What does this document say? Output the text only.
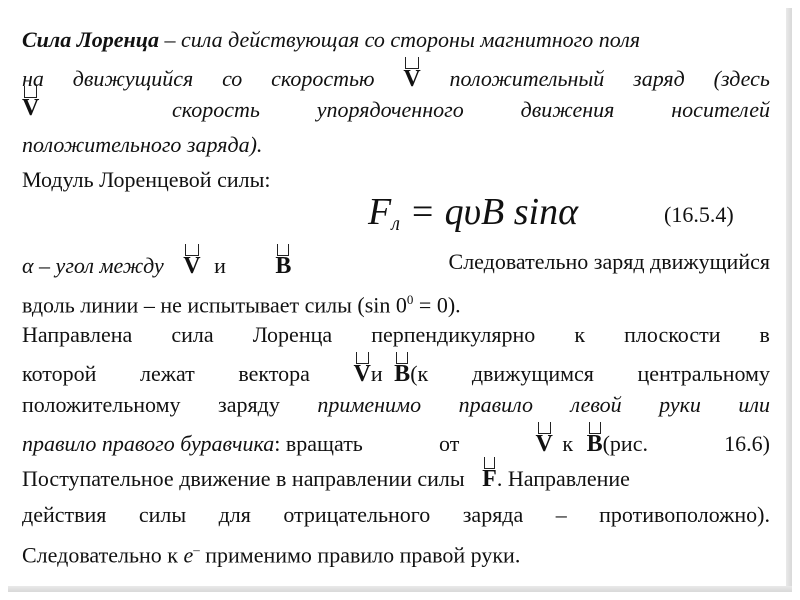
Сила Лоренца – сила действующая со стороны магнитного поля
на движущийся со скоростью V положительный заряд (здесь
V	скорость	упорядоченного	движения	носителей
положительного заряда).
Модуль Лоренцевой силы:
$F_л = q\upsilon B$ sinα	(16.5.4)
α – угол между V и B	Следовательно заряд движущийся
вдоль линии – не испытывает силы (sin $0^0 = 0$).
Направлена сила Лоренца перпендикулярно к плоскости в
которой лежат вектора Vи B(к движущимся центральному
положительному заряду применимо правило левой руки или
правило правого буравчика: вращать	от	V к B(рис.	16.6)
Поступательное движение в направлении силы F. Направление
действия силы для отрицательного заряда – противоположно).
Следовательно к e– применимо правило правой руки.
